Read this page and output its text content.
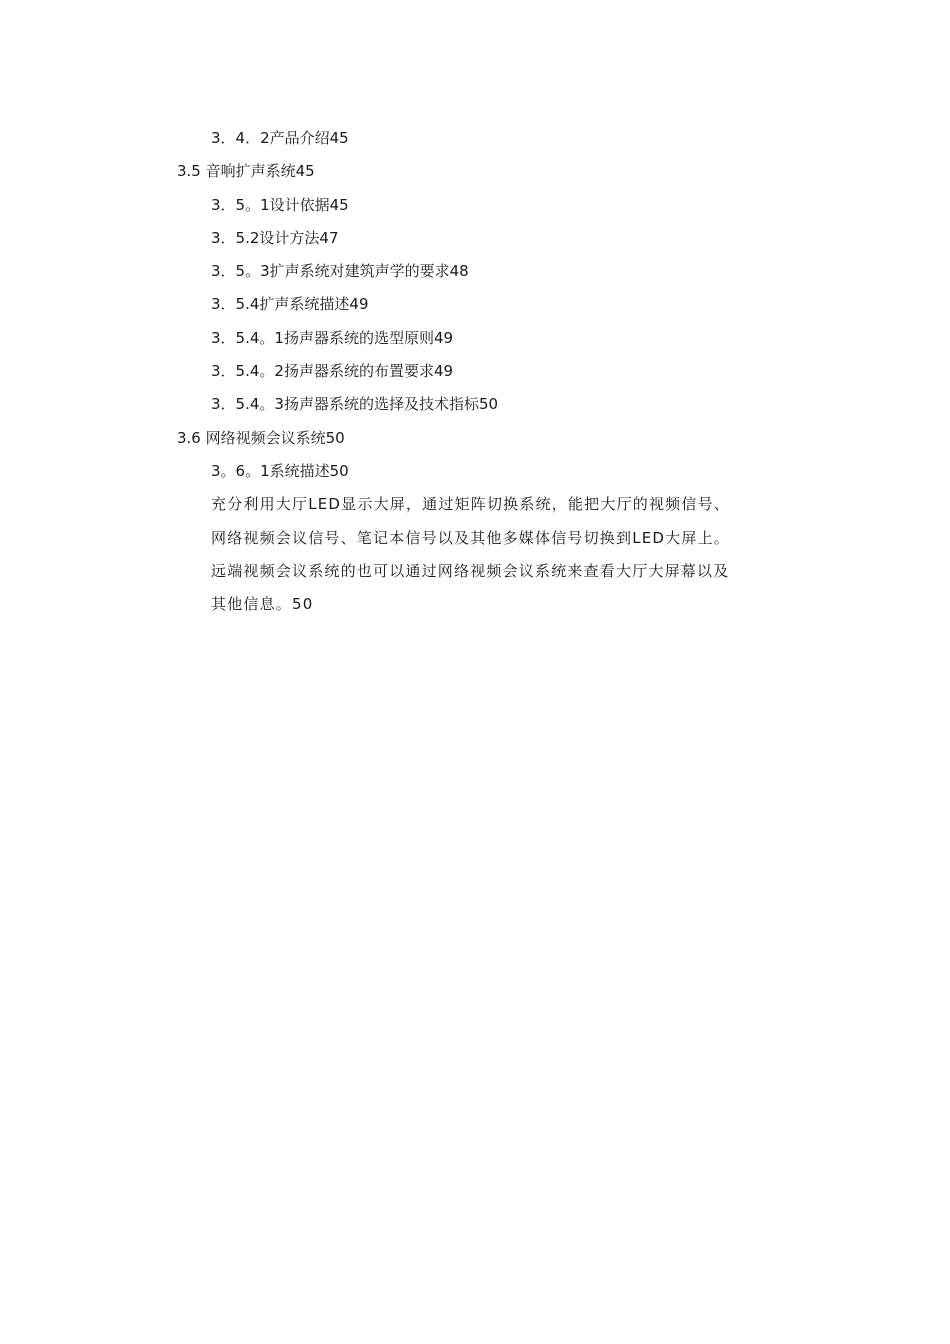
3．4．2产品介绍45
3.5 音响扩声系统45
3．5。1设计依据45
3．5.2设计方法47
3．5。3扩声系统对建筑声学的要求48
3．5.4扩声系统描述49
3．5.4。1扬声器系统的选型原则49
3．5.4。2扬声器系统的布置要求49
3．5.4。3扬声器系统的选择及技术指标50
3.6 网络视频会议系统50
3。6。1系统描述50
充分利用大厅LED显示大屏，通过矩阵切换系统，能把大厅的视频信号、
网络视频会议信号、笔记本信号以及其他多媒体信号切换到LED大屏上。
远端视频会议系统的也可以通过网络视频会议系统来查看大厅大屏幕以及
其他信息。50
